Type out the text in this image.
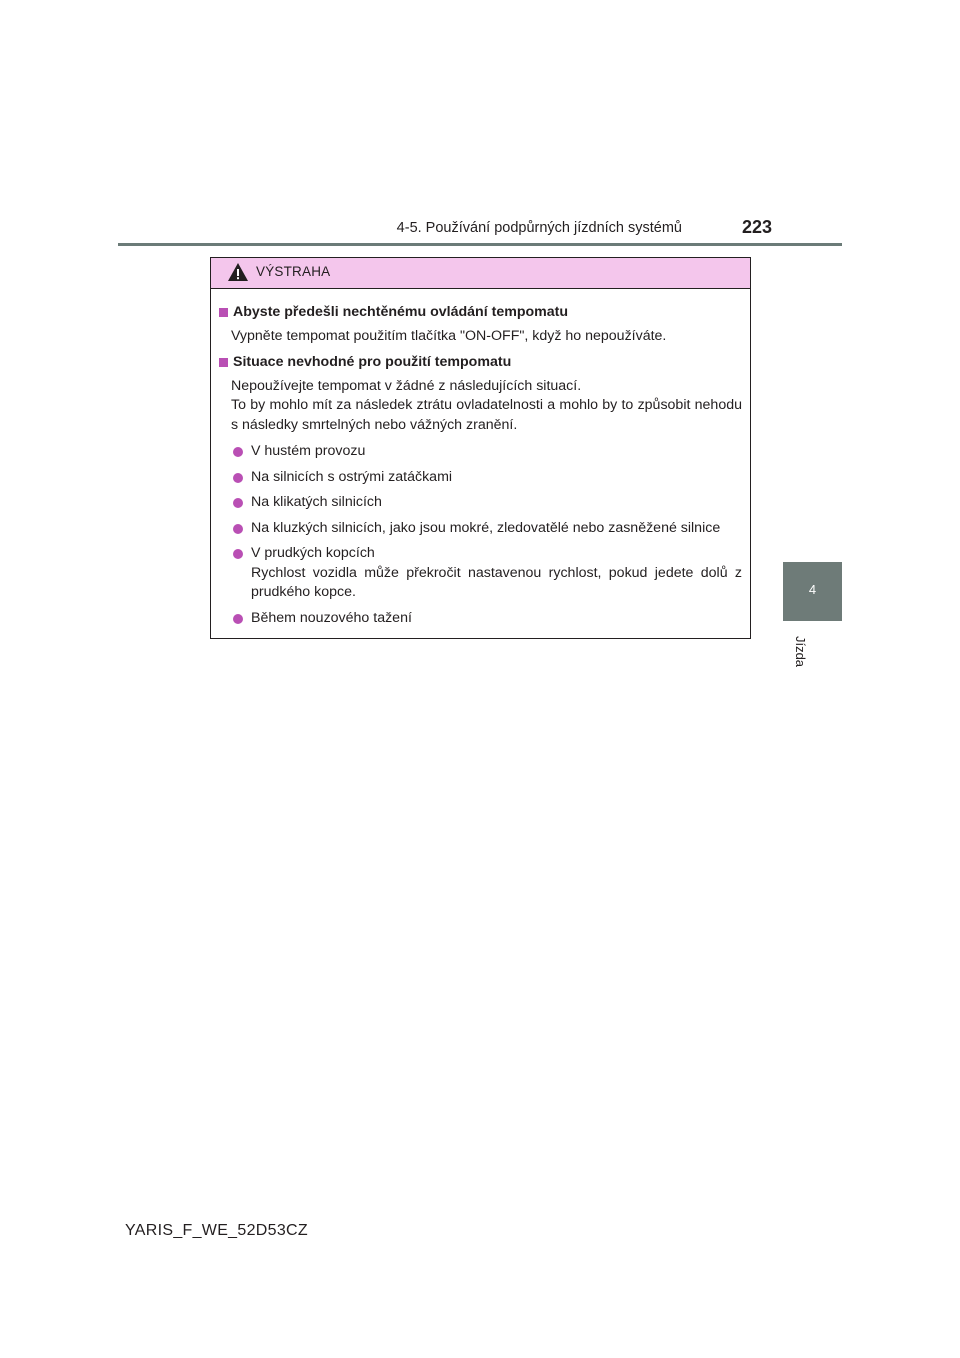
4-5. Používání podpůrných jízdních systémů	223
4
Jízda
VÝSTRAHA
Abyste předešli nechtěnému ovládání tempomatu
Vypněte tempomat použitím tlačítka "ON-OFF", když ho nepoužíváte.
Situace nevhodné pro použití tempomatu
Nepoužívejte tempomat v žádné z následujících situací.
To by mohlo mít za následek ztrátu ovladatelnosti a mohlo by to způsobit nehodu s následky smrtelných nebo vážných zranění.
V hustém provozu
Na silnicích s ostrými zatáčkami
Na klikatých silnicích
Na kluzkých silnicích, jako jsou mokré, zledovatělé nebo zasněžené silnice
V prudkých kopcích
Rychlost vozidla může překročit nastavenou rychlost, pokud jedete dolů z prudkého kopce.
Během nouzového tažení
YARIS_F_WE_52D53CZ
